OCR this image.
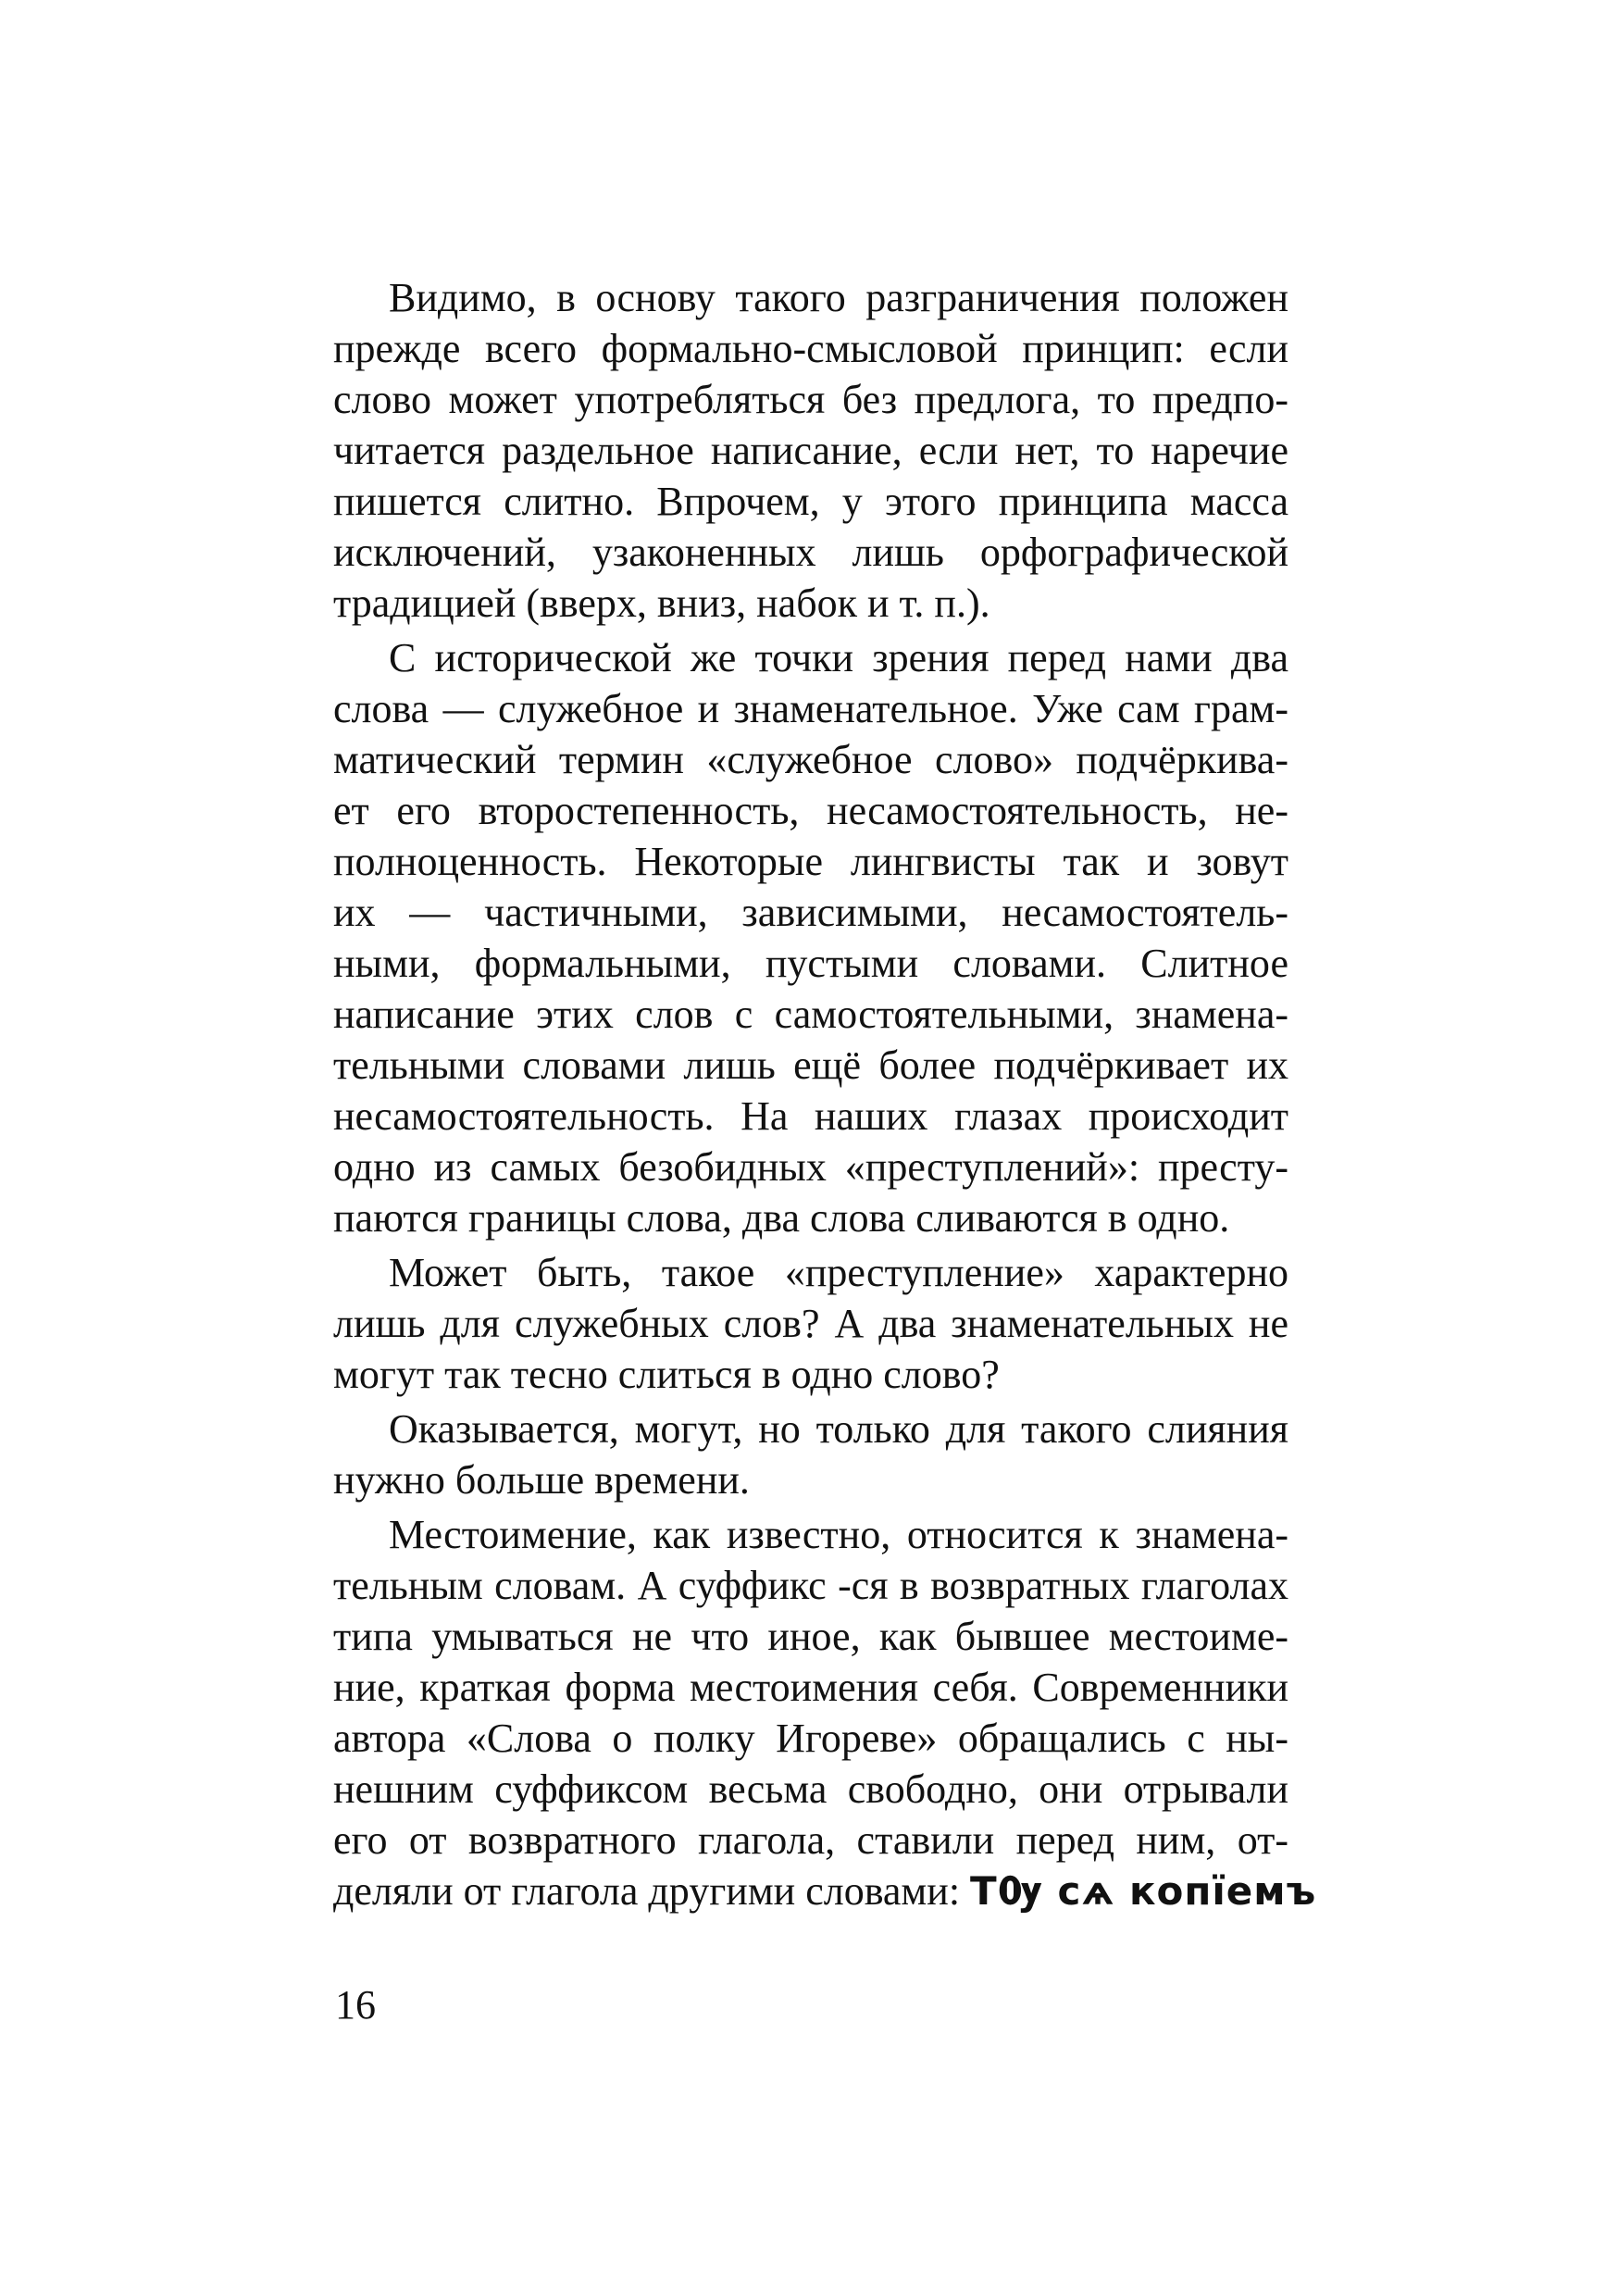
Видимо, в основу такого разграничения положен
прежде всего формально-смысловой принцип: если
слово может употребляться без предлога, то предпо-
читается раздельное написание, если нет, то наречие
пишется слитно. Впрочем, у этого принципа масса
исключений, узаконенных лишь орфографической
традицией (вверх, вниз, набок и т. п.).
С исторической же точки зрения перед нами два
слова — служебное и знаменательное. Уже сам грам-
матический термин «служебное слово» подчёркива-
ет его второстепенность, несамостоятельность, не-
полноценность. Некоторые лингвисты так и зовут
их — частичными, зависимыми, несамостоятель-
ными, формальными, пустыми словами. Слитное
написание этих слов с самостоятельными, знамена-
тельными словами лишь ещё более подчёркивает их
несамостоятельность. На наших глазах происходит
одно из самых безобидных «преступлений»: престу-
паются границы слова, два слова сливаются в одно.
Может быть, такое «преступление» характерно
лишь для служебных слов? А два знаменательных не
могут так тесно слиться в одно слово?
Оказывается, могут, но только для такого слияния
нужно больше времени.
Местоимение, как известно, относится к знамена-
тельным словам. А суффикс -ся в возвратных глаголах
типа умываться не что иное, как бывшее местоиме-
ние, краткая форма местоимения себя. Современники
автора «Слова о полку Игореве» обращались с ны-
нешним суффиксом весьма свободно, они отрывали
его от возвратного глагола, ставили перед ним, от-
деляли от глагола другими словами: ТѸ сѧ копїемъ
16
